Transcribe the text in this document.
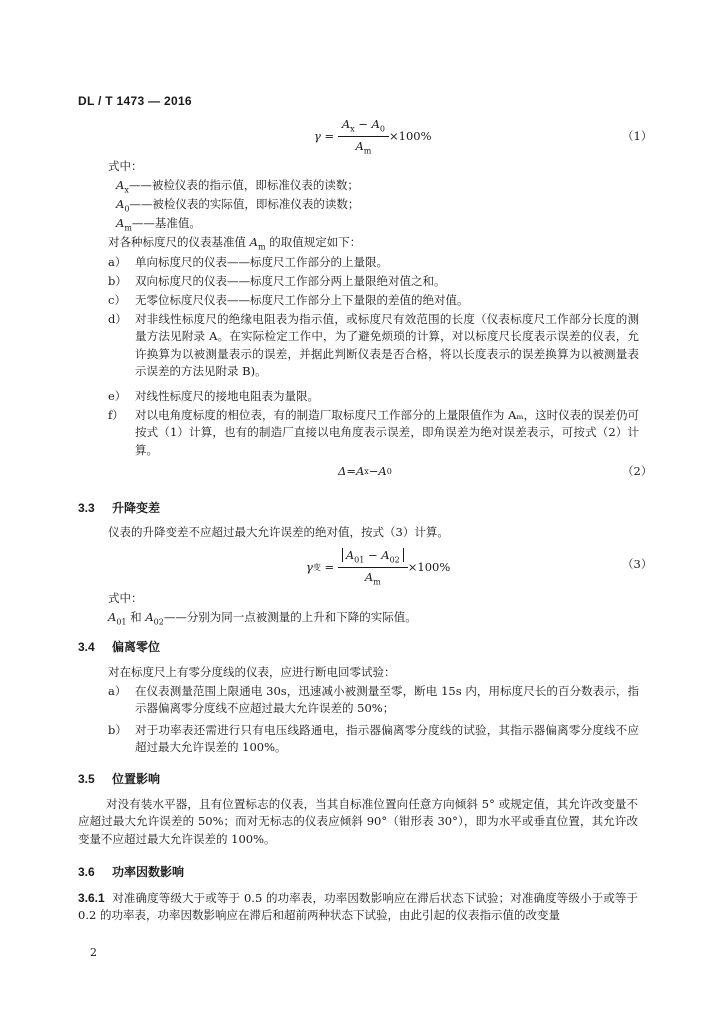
DL / T 1473 — 2016
$\gamma = \frac{A_x - A_0}{A_m} \times 100\%$	（1）
式中：
$A_x——$被检仪表的指示值，即标准仪表的读数；
$A_0——$被检仪表的实际值，即标准仪表的读数；
$A_m——$基准值。
对各种标度尺的仪表基准值 $A_m$ 的取值规定如下：
a） 单向标度尺的仪表——标度尺工作部分的上量限。
b） 双向标度尺的仪表——标度尺工作部分两上量限绝对值之和。
c） 无零位标度尺仪表——标度尺工作部分上下量限的差值的绝对值。
d） 对非线性标度尺的绝缘电阻表为指示值，或标度尺有效范围的长度（仪表标度尺工作部分长度的测量方法见附录 A。在实际检定工作中，为了避免烦琐的计算，对以标度尺长度表示误差的仪表，允许换算为以被测量表示的误差，并据此判断仪表是否合格，将以长度表示的误差换算为以被测量表示误差的方法见附录 B)。
e） 对线性标度尺的接地电阻表为量限。
f） 对以电角度标度的相位表，有的制造厂取标度尺工作部分的上量限值作为 Aₘ，这时仪表的误差仍可按式（1）计算，也有的制造厂直接以电角度表示误差，即角误差为绝对误差表示，可按式（2）计算。
Δ = A x − A 0	（2）
3.3 升降变差
仪表的升降变差不应超过最大允许误差的绝对值，按式（3）计算。
γ 变 = $\frac{A_{01} - A_{02}}{A_m} \times 100\%$	（3）
式中：
$A_{01}$ 和 $A_{02}——$分别为同一点被测量的上升和下降的实际值。
3.4 偏离零位
对在标度尺上有零分度线的仪表，应进行断电回零试验：
a） 在仪表测量范围上限通电 30s，迅速减小被测量至零，断电 15s 内，用标度尺长的百分数表示，指示器偏离零分度线不应超过最大允许误差的 50%；
b） 对于功率表还需进行只有电压线路通电，指示器偏离零分度线的试验，其指示器偏离零分度线不应超过最大允许误差的 100%。
3.5 位置影响
对没有装水平器，且有位置标志的仪表，当其自标准位置向任意方向倾斜 5° 或规定值，其允许改变量不应超过最大允许误差的 50%；而对无标志的仪表应倾斜 90°（钳形表 30°），即为水平或垂直位置，其允许改变量不应超过最大允许误差的 100%。
3.6 功率因数影响
3.6.1 对准确度等级大于或等于 0.5 的功率表，功率因数影响应在滞后状态下试验；对准确度等级小于或等于 0.2 的功率表，功率因数影响应在滞后和超前两种状态下试验，由此引起的仪表指示值的改变量
2
